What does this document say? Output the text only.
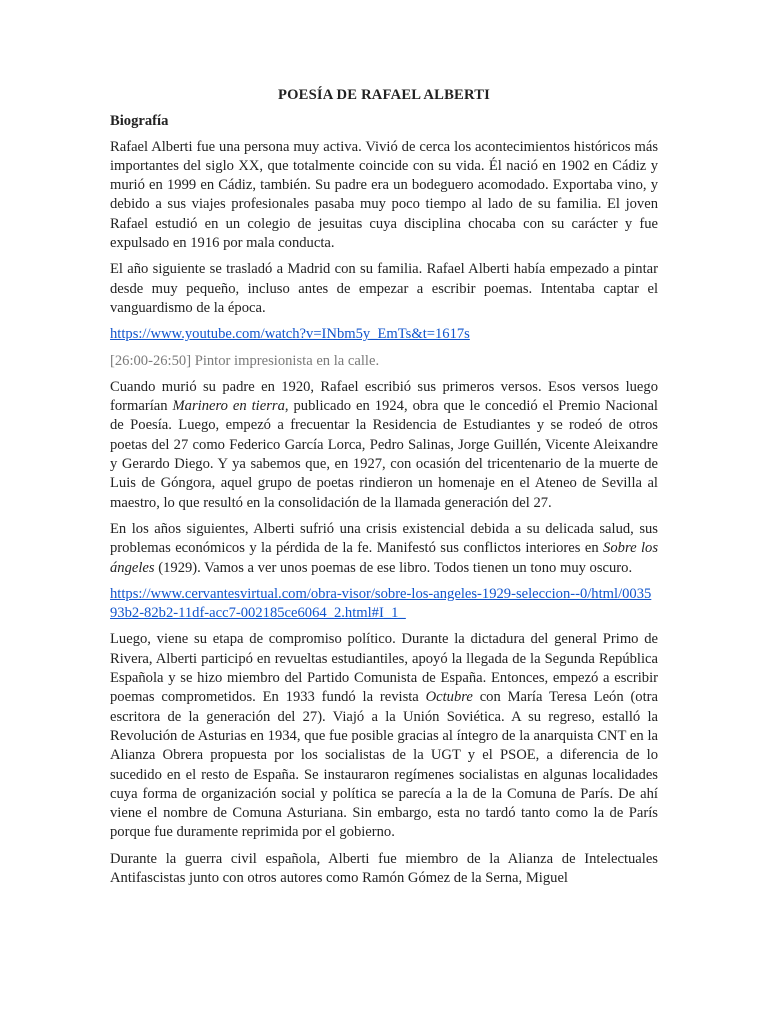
POESÍA DE RAFAEL ALBERTI
Biografía

Rafael Alberti fue una persona muy activa. Vivió de cerca los acontecimientos históricos más importantes del siglo XX, que totalmente coincide con su vida. Él nació en 1902 en Cádiz y murió en 1999 en Cádiz, también. Su padre era un bodeguero acomodado. Exportaba vino, y debido a sus viajes profesionales pasaba muy poco tiempo al lado de su familia. El joven Rafael estudió en un colegio de jesuitas cuya disciplina chocaba con su carácter y fue expulsado en 1916 por mala conducta.

El año siguiente se trasladó a Madrid con su familia. Rafael Alberti había empezado a pintar desde muy pequeño, incluso antes de empezar a escribir poemas. Intentaba captar el vanguardismo de la época.

https://www.youtube.com/watch?v=INbm5y_EmTs&t=1617s

[26:00-26:50] Pintor impresionista en la calle.

Cuando murió su padre en 1920, Rafael escribió sus primeros versos. Esos versos luego formarían Marinero en tierra, publicado en 1924, obra que le concedió el Premio Nacional de Poesía. Luego, empezó a frecuentar la Residencia de Estudiantes y se rodeó de otros poetas del 27 como Federico García Lorca, Pedro Salinas, Jorge Guillén, Vicente Aleixandre y Gerardo Diego. Y ya sabemos que, en 1927, con ocasión del tricentenario de la muerte de Luis de Góngora, aquel grupo de poetas rindieron un homenaje en el Ateneo de Sevilla al maestro, lo que resultó en la consolidación de la llamada generación del 27.

En los años siguientes, Alberti sufrió una crisis existencial debida a su delicada salud, sus problemas económicos y la pérdida de la fe. Manifestó sus conflictos interiores en Sobre los ángeles (1929). Vamos a ver unos poemas de ese libro. Todos tienen un tono muy oscuro.

https://www.cervantesvirtual.com/obra-visor/sobre-los-angeles-1929-seleccion--0/html/003593b2-82b2-11df-acc7-002185ce6064_2.html#I_1_

Luego, viene su etapa de compromiso político. Durante la dictadura del general Primo de Rivera, Alberti participó en revueltas estudiantiles, apoyó la llegada de la Segunda República Española y se hizo miembro del Partido Comunista de España. Entonces, empezó a escribir poemas comprometidos. En 1933 fundó la revista Octubre con María Teresa León (otra escritora de la generación del 27). Viajó a la Unión Soviética. A su regreso, estalló la Revolución de Asturias en 1934, que fue posible gracias al íntegro de la anarquista CNT en la Alianza Obrera propuesta por los socialistas de la UGT y el PSOE, a diferencia de lo sucedido en el resto de España. Se instauraron regímenes socialistas en algunas localidades cuya forma de organización social y política se parecía a la de la Comuna de París. De ahí viene el nombre de Comuna Asturiana. Sin embargo, esta no tardó tanto como la de París porque fue duramente reprimida por el gobierno.

Durante la guerra civil española, Alberti fue miembro de la Alianza de Intelectuales Antifascistas junto con otros autores como Ramón Gómez de la Serna, Miguel
